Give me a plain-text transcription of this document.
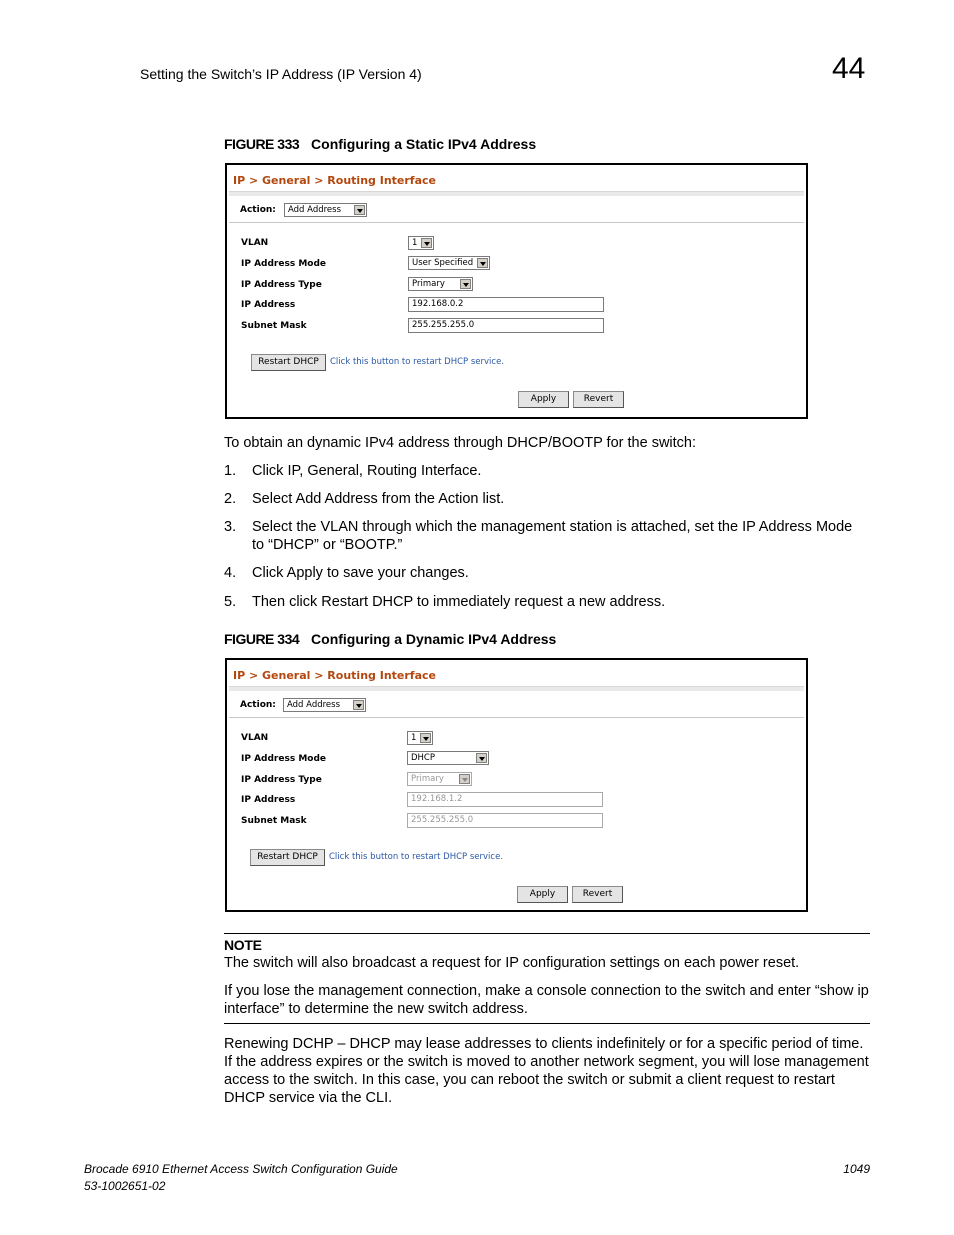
Setting the Switch’s IP Address (IP Version 4)	44
FIGURE 333 Configuring a Static IPv4 Address
IP > General > Routing Interface
Action:	Add Address
VLAN	1
IP Address Mode	User Specified
IP Address Type	Primary
IP Address	192.168.0.2
Subnet Mask	255.255.255.0
Restart DHCP	Click this button to restart DHCP service.
Apply	Revert
To obtain an dynamic IPv4 address through DHCP/BOOTP for the switch:
1. Click IP, General, Routing Interface.
2. Select Add Address from the Action list.
3. Select the VLAN through which the management station is attached, set the IP Address Mode to “DHCP” or “BOOTP.”
4. Click Apply to save your changes.
5. Then click Restart DHCP to immediately request a new address.
FIGURE 334 Configuring a Dynamic IPv4 Address
IP > General > Routing Interface
Action:	Add Address
VLAN	1
IP Address Mode	DHCP
IP Address Type	Primary
IP Address	192.168.1.2
Subnet Mask	255.255.255.0
Restart DHCP	Click this button to restart DHCP service.
Apply	Revert
NOTE
The switch will also broadcast a request for IP configuration settings on each power reset.
If you lose the management connection, make a console connection to the switch and enter “show ip interface” to determine the new switch address.
Renewing DCHP – DHCP may lease addresses to clients indefinitely or for a specific period of time. If the address expires or the switch is moved to another network segment, you will lose management access to the switch. In this case, you can reboot the switch or submit a client request to restart DHCP service via the CLI.
Brocade 6910 Ethernet Access Switch Configuration Guide
53-1002651-02
1049
